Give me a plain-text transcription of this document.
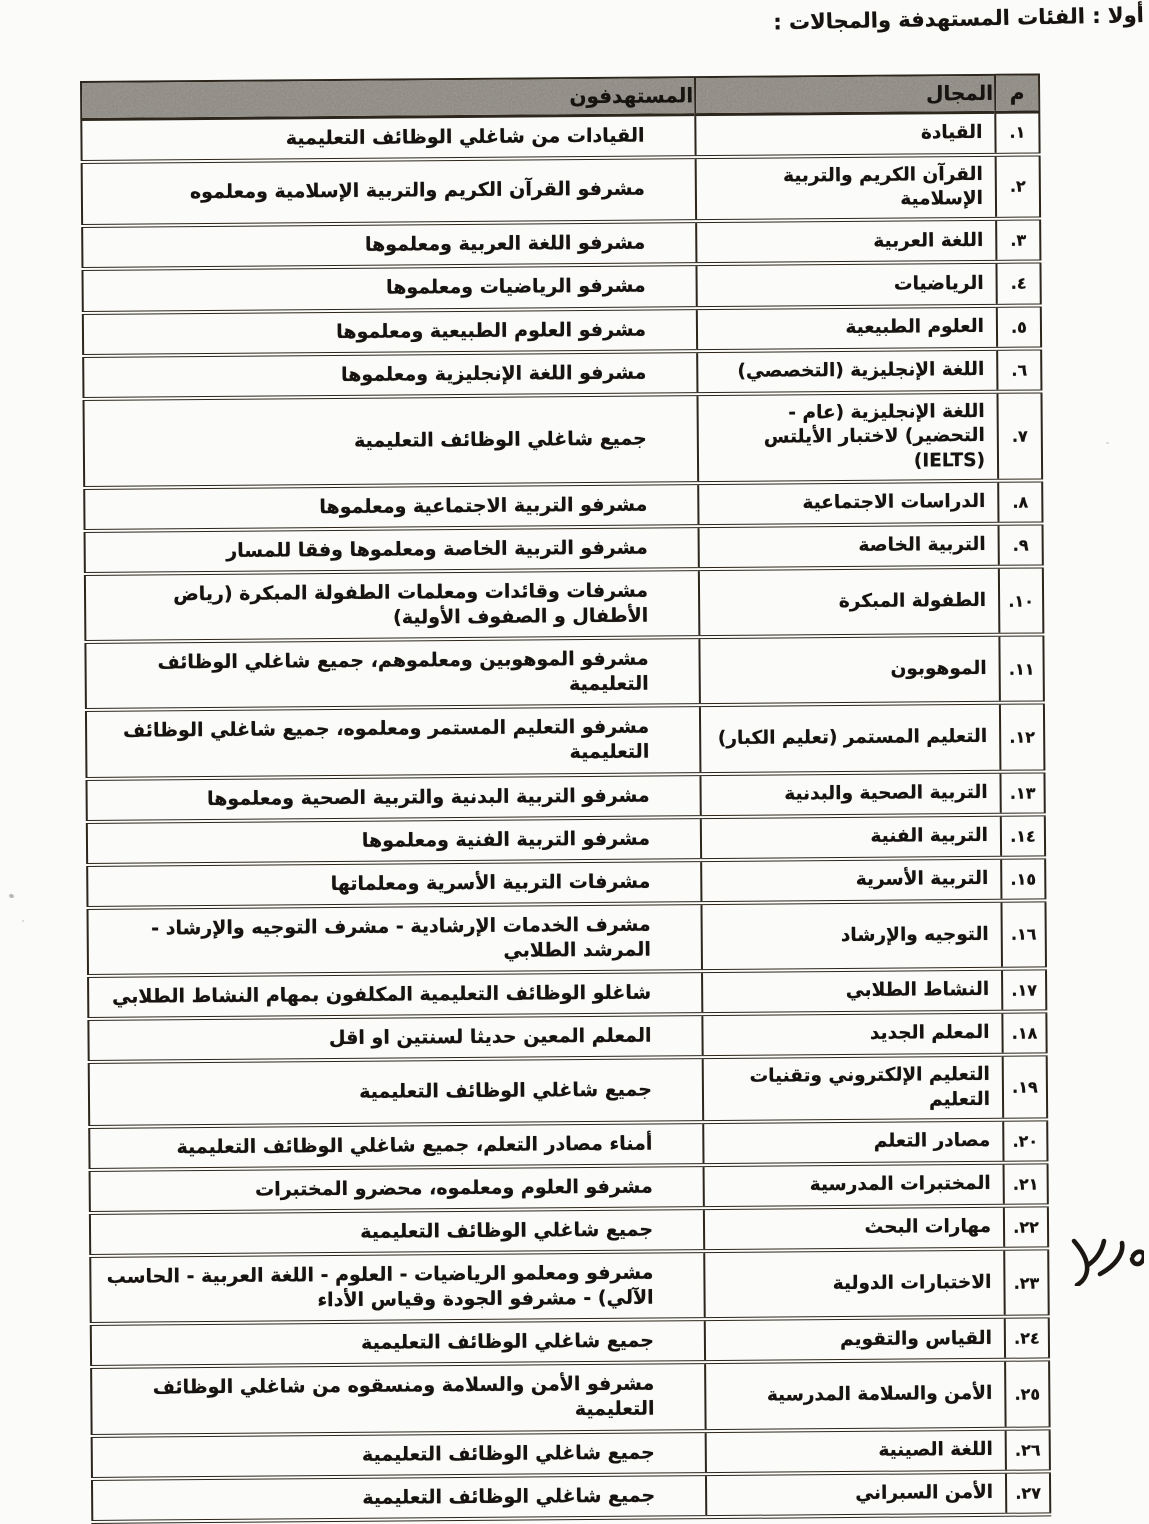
أولا : الفئات المستهدفة والمجالات :
م	المجال	المستهدفون

١.	القيادة	القيادات من شاغلي الوظائف التعليمية
٢.	القرآن الكريم والتربية الإسلامية	مشرفو القرآن الكريم والتربية الإسلامية ومعلموه
٣.	اللغة العربية	مشرفو اللغة العربية ومعلموها
٤.	الرياضيات	مشرفو الرياضيات ومعلموها
٥.	العلوم الطبيعية	مشرفو العلوم الطبيعية ومعلموها
٦.	اللغة الإنجليزية (التخصصي)	مشرفو اللغة الإنجليزية ومعلموها
٧.	اللغة الإنجليزية (عام - التحضير) لاختبار الأيلتس (IELTS)	جميع شاغلي الوظائف التعليمية
٨.	الدراسات الاجتماعية	مشرفو التربية الاجتماعية ومعلموها
٩.	التربية الخاصة	مشرفو التربية الخاصة ومعلموها وفقا للمسار
١٠.	الطفولة المبكرة	مشرفات وقائدات ومعلمات الطفولة المبكرة (رياض الأطفال و الصفوف الأولية)
١١.	الموهوبون	مشرفو الموهوبين ومعلموهم، جميع شاغلي الوظائف التعليمية
١٢.	التعليم المستمر (تعليم الكبار)	مشرفو التعليم المستمر ومعلموه، جميع شاغلي الوظائف التعليمية
١٣.	التربية الصحية والبدنية	مشرفو التربية البدنية والتربية الصحية ومعلموها
١٤.	التربية الفنية	مشرفو التربية الفنية ومعلموها
١٥.	التربية الأسرية	مشرفات التربية الأسرية ومعلماتها
١٦.	التوجيه والإرشاد	مشرف الخدمات الإرشادية - مشرف التوجيه والإرشاد - المرشد الطلابي
١٧.	النشاط الطلابي	شاغلو الوظائف التعليمية المكلفون بمهام النشاط الطلابي
١٨.	المعلم الجديد	المعلم المعين حديثا لسنتين او اقل
١٩.	التعليم الإلكتروني وتقنيات التعليم	جميع شاغلي الوظائف التعليمية
٢٠.	مصادر التعلم	أمناء مصادر التعلم، جميع شاغلي الوظائف التعليمية
٢١.	المختبرات المدرسية	مشرفو العلوم ومعلموه، محضرو المختبرات
٢٢.	مهارات البحث	جميع شاغلي الوظائف التعليمية
٢٣.	الاختبارات الدولية	مشرفو ومعلمو الرياضيات - العلوم - اللغة العربية - الحاسب الآلي) - مشرفو الجودة وقياس الأداء
٢٤.	القياس والتقويم	جميع شاغلي الوظائف التعليمية
٢٥.	الأمن والسلامة المدرسية	مشرفو الأمن والسلامة ومنسقوه من شاغلي الوظائف التعليمية
٢٦.	اللغة الصينية	جميع شاغلي الوظائف التعليمية
٢٧.	الأمن السبراني	جميع شاغلي الوظائف التعليمية
